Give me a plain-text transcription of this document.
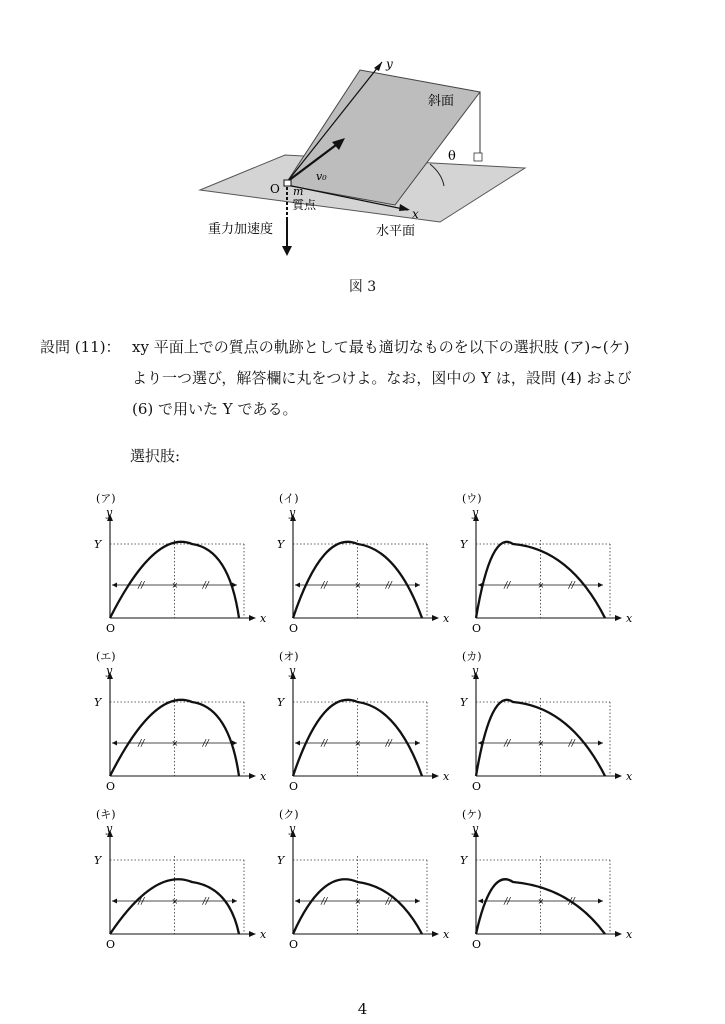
θ
y
斜面
x
v₀
O m
質点
重力加速度	水平面
図 3
設問 (11)： xy 平面上での質点の軌跡として最も適切なものを以下の選択肢 (ア)∼(ケ)
より一つ選び，解答欄に丸をつけよ。なお，図中の Y は，設問 (4) および
(6) で用いた Y である。
選択肢:
(ア)
y
x
O
Y
//	//
×
(イ)
y
x
O
Y
//	//
×
(ウ)
y
x
O
Y
//	//
×
(エ)
y
x
O
Y
//	//
×
(オ)
y
x
O
Y
//	//
×
(カ)
y
x
O
Y
//	//
×
(キ)
y
x
O
Y
//	//
×
(ク)
y
x
O
Y
//	//
×
(ケ)
y
x
O
Y
//	//
×
4
